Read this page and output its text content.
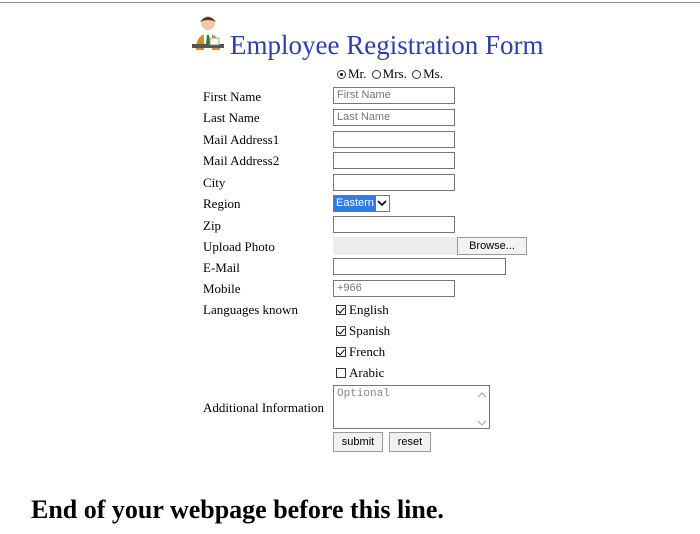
Employee Registration Form
Mr. Mrs. Ms.
First Name
Last Name
Mail Address1
Mail Address2
City
Region
Zip
Upload Photo
E-Mail
Mobile
Languages known
Additional Information
First Name
Last Name
Eastern
Browse...
+966
English
Spanish
French
Arabic
Optional
submit	reset
End of your webpage before this line.
